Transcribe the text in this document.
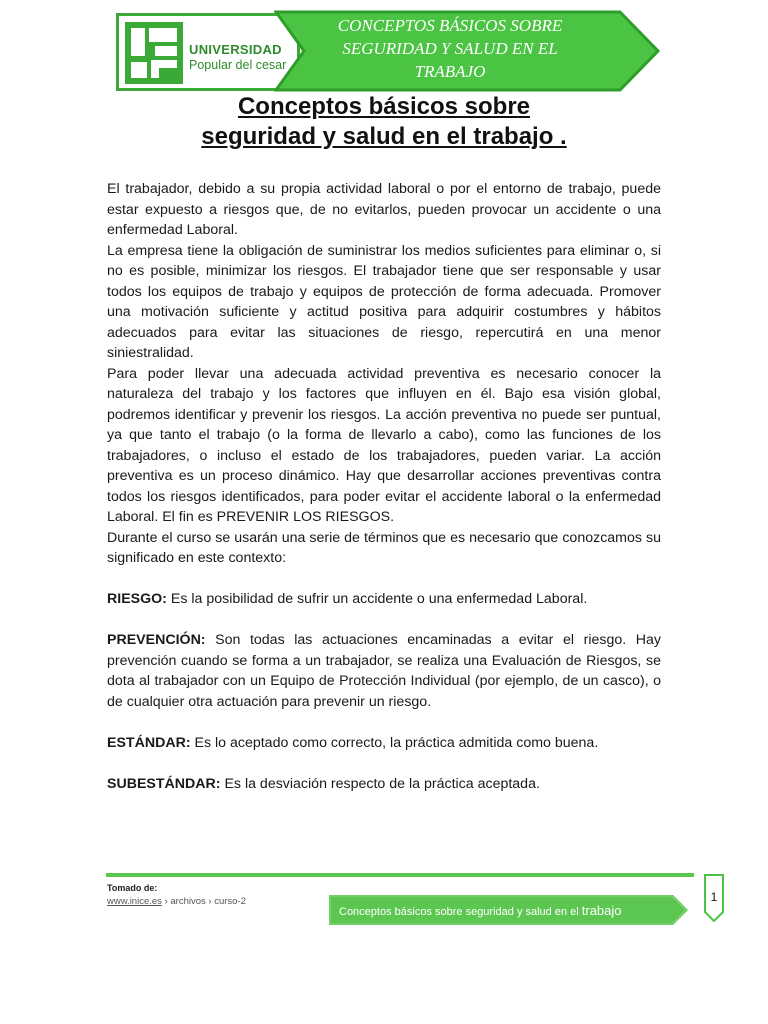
UNIVERSIDAD
Popular del cesar
CONCEPTOS BÁSICOS SOBRE
SEGURIDAD Y SALUD EN EL
TRABAJO
Conceptos básicos sobre
seguridad y salud en el trabajo .

El trabajador, debido a su propia actividad laboral o por el entorno de trabajo, puede estar expuesto a riesgos que, de no evitarlos, pueden provocar un accidente o una enfermedad Laboral.

La empresa tiene la obligación de suministrar los medios suficientes para eliminar o, si no es posible, minimizar los riesgos. El trabajador tiene que ser responsable y usar todos los equipos de trabajo y equipos de protección de forma adecuada. Promover una motivación suficiente y actitud positiva para adquirir costumbres y hábitos adecuados para evitar las situaciones de riesgo, repercutirá en una menor siniestralidad.

Para poder llevar una adecuada actividad preventiva es necesario conocer la naturaleza del trabajo y los factores que influyen en él. Bajo esa visión global, podremos identificar y prevenir los riesgos. La acción preventiva no puede ser puntual, ya que tanto el trabajo (o la forma de llevarlo a cabo), como las funciones de los trabajadores, o incluso el estado de los trabajadores, pueden variar. La acción preventiva es un proceso dinámico. Hay que desarrollar acciones preventivas contra todos los riesgos identificados, para poder evitar el accidente laboral o la enfermedad Laboral. El fin es PREVENIR LOS RIESGOS.

Durante el curso se usarán una serie de términos que es necesario que conozcamos su significado en este contexto:

RIESGO: Es la posibilidad de sufrir un accidente o una enfermedad Laboral.

PREVENCIÓN: Son todas las actuaciones encaminadas a evitar el riesgo. Hay prevención cuando se forma a un trabajador, se realiza una Evaluación de Riesgos, se dota al trabajador con un Equipo de Protección Individual (por ejemplo, de un casco), o de cualquier otra actuación para prevenir un riesgo.

ESTÁNDAR: Es lo aceptado como correcto, la práctica admitida como buena.

SUBESTÁNDAR: Es la desviación respecto de la práctica aceptada.

Tomado de:
www.inice.es › archivos › curso-2
Conceptos básicos sobre seguridad y salud en el trabajo
1
